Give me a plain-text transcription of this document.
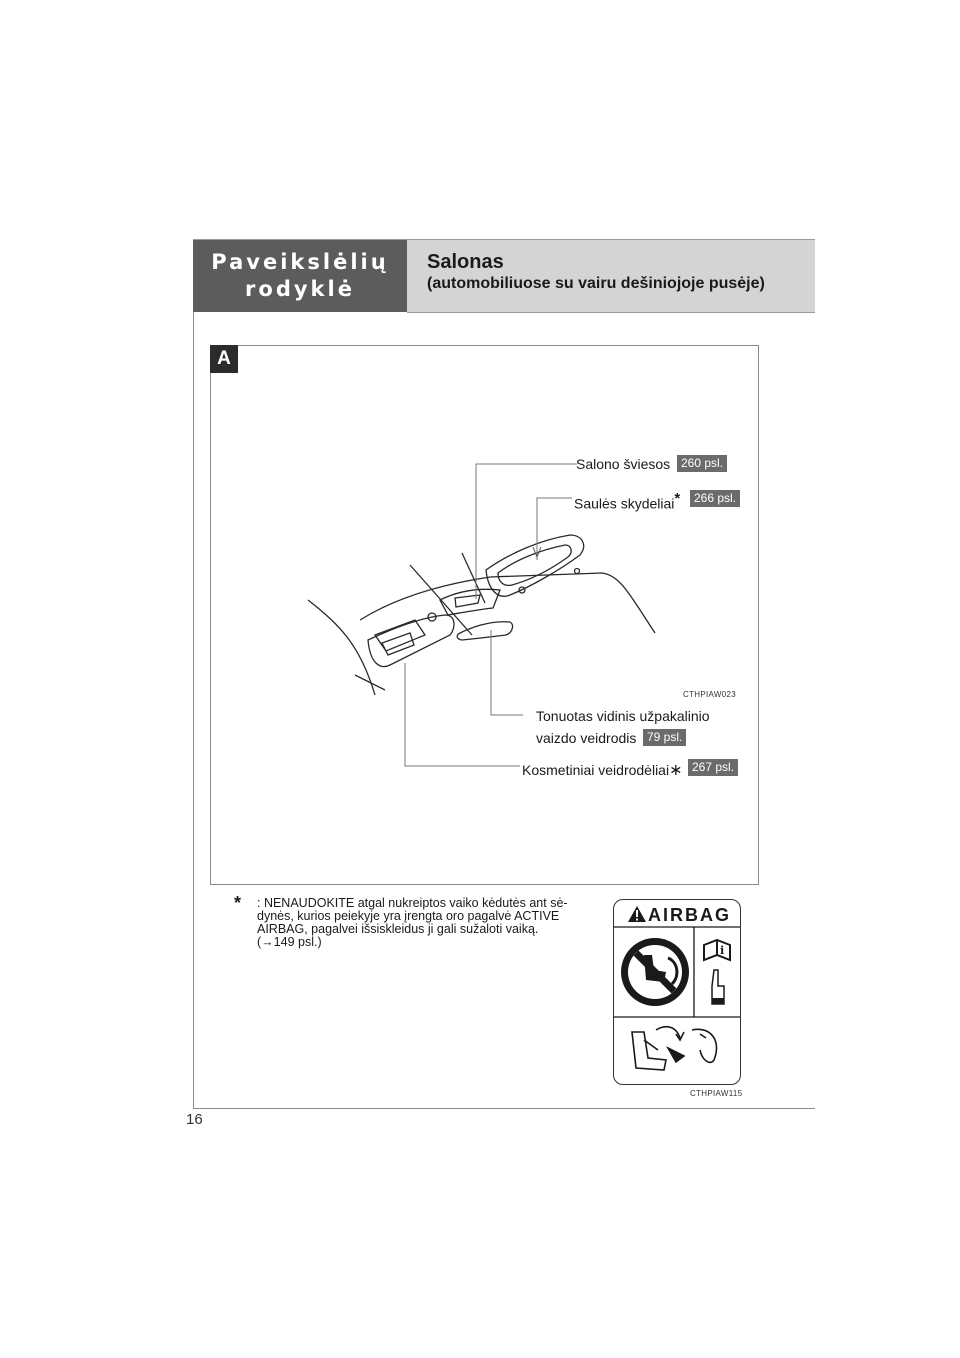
Paveikslėlių
rodyklė
Salonas
(automobiliuose su vairu dešiniojoje pusėje)
A
Salono šviesos 260 psl.
Saulės skydeliai*	266 psl.
CTHPIAW023
Tonuotas vidinis užpakalinio
vaizdo veidrodis 79 psl.
Kosmetiniai veidrodėliai∗ 267 psl.
* : NENAUDOKITE atgal nukreiptos vaiko kėdutės ant sė-

dynės, kurios peiekyje yra įrengta oro pagalvė ACTIVE

AIRBAG, pagalvei išsiskleidus ji gali sužaloti vaiką.

(→149 psl.)

i
AIRBAG
CTHPIAW115
16
